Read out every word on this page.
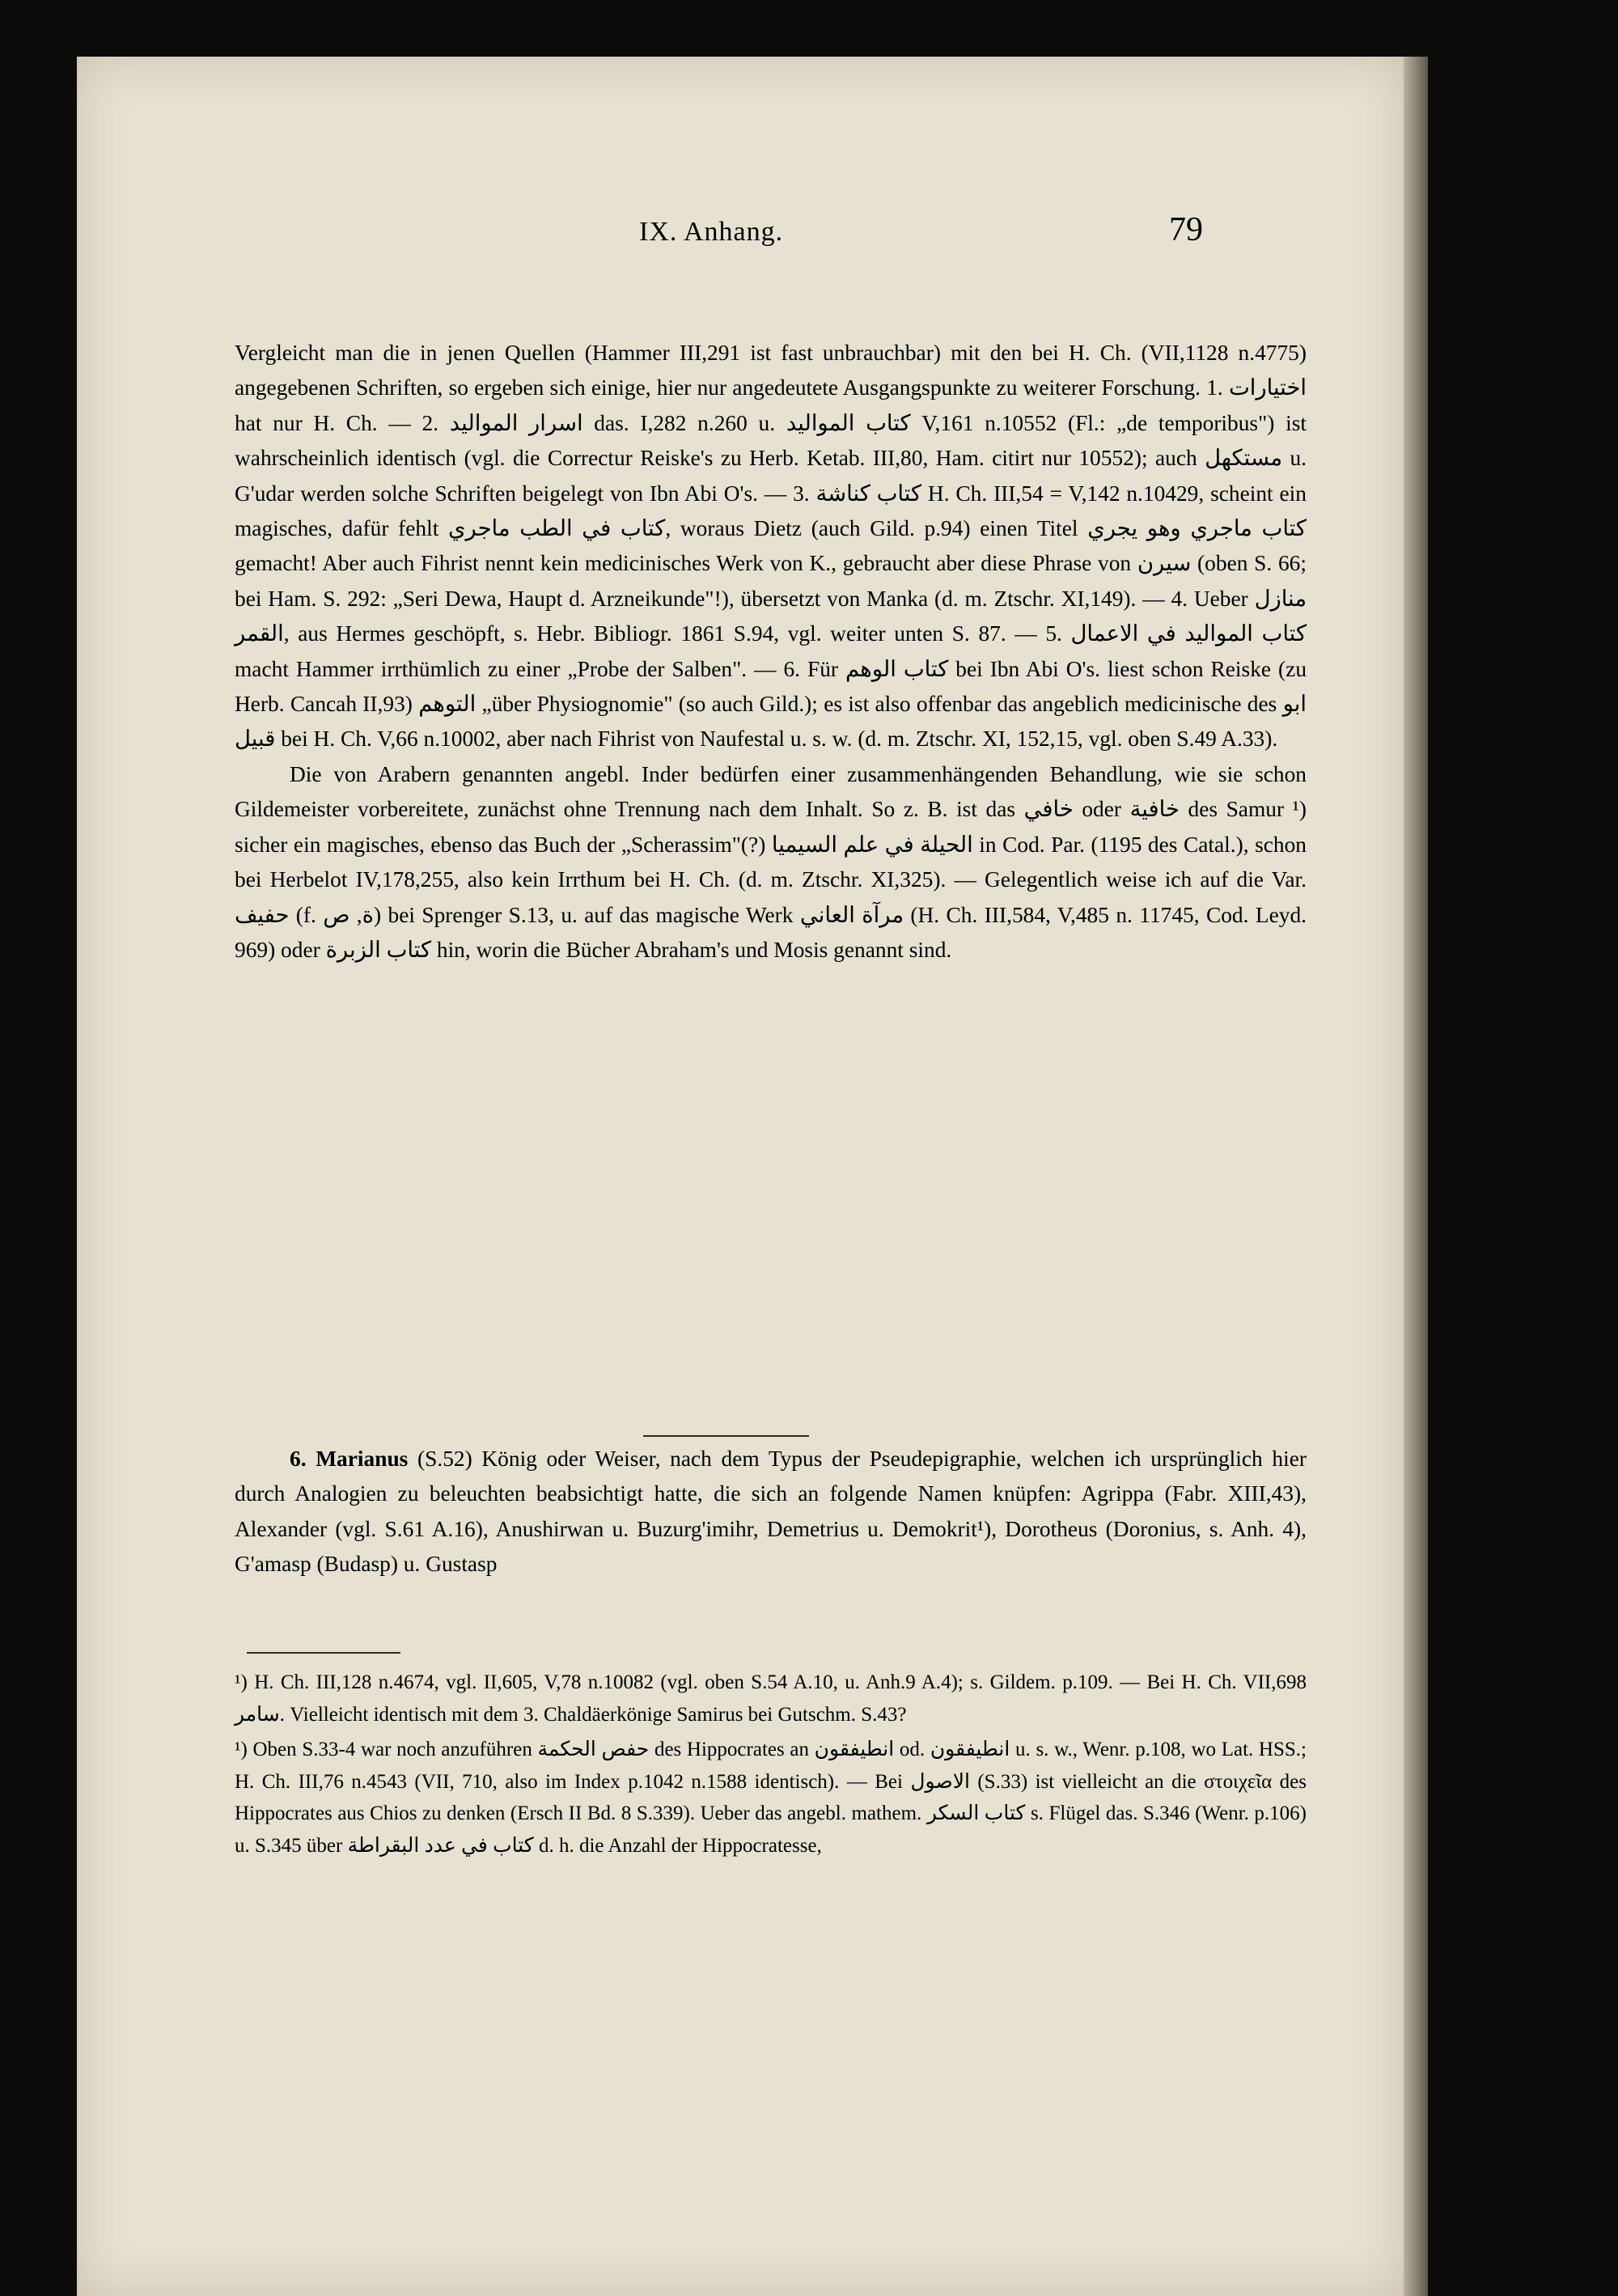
IX. Anhang.	79

Vergleicht man die in jenen Quellen (Hammer III,291 ist fast unbrauchbar) mit den bei H. Ch. (VII,1128 n.4775) angegebenen Schriften, so ergeben sich einige, hier nur angedeutete Ausgangspunkte zu weiterer Forschung. 1. اختيارات hat nur H. Ch. — 2. اسرار المواليد das. I,282 n.260 u. كتاب المواليد V,161 n.10552 (Fl.: „de temporibus") ist wahrscheinlich identisch (vgl. die Correctur Reiske's zu Herb. Ketab. III,80, Ham. citirt nur 10552); auch مستكهل u. G'udar werden solche Schriften beigelegt von Ibn Abi O's. — 3. كتاب كناشة H. Ch. III,54 = V,142 n.10429, scheint ein magisches, dafür fehlt كتاب في الطب ماجري, woraus Dietz (auch Gild. p.94) einen Titel كتاب ماجري وهو يجري gemacht! Aber auch Fihrist nennt kein medicinisches Werk von K., gebraucht aber diese Phrase von سيرن (oben S. 66; bei Ham. S. 292: „Seri Dewa, Haupt d. Arzneikunde"!), übersetzt von Manka (d. m. Ztschr. XI,149). — 4. Ueber منازل القمر, aus Hermes geschöpft, s. Hebr. Bibliogr. 1861 S.94, vgl. weiter unten S. 87. — 5. كتاب المواليد في الاعمال macht Hammer irrthümlich zu einer „Probe der Salben". — 6. Für كتاب الوهم bei Ibn Abi O's. liest schon Reiske (zu Herb. Cancah II,93) التوهم „über Physiognomie" (so auch Gild.); es ist also offenbar das angeblich medicinische des ابو قبيل bei H. Ch. V,66 n.10002, aber nach Fihrist von Naufestal u. s. w. (d. m. Ztschr. XI, 152,15, vgl. oben S.49 A.33).

Die von Arabern genannten angebl. Inder bedürfen einer zusammenhängenden Behandlung, wie sie schon Gildemeister vorbereitete, zunächst ohne Trennung nach dem Inhalt. So z. B. ist das خافي oder خافية des Samur ¹) sicher ein magisches, ebenso das Buch der „Scherassim"(?) الحيلة في علم السيميا in Cod. Par. (1195 des Catal.), schon bei Herbelot IV,178,255, also kein Irrthum bei H. Ch. (d. m. Ztschr. XI,325). — Gelegentlich weise ich auf die Var. حفيف (f. ة, ص) bei Sprenger S.13, u. auf das magische Werk مرآة العاني (H. Ch. III,584, V,485 n. 11745, Cod. Leyd. 969) oder كتاب الزبرة hin, worin die Bücher Abraham's und Mosis genannt sind.

6. Marianus (S.52) König oder Weiser, nach dem Typus der Pseudepigraphie, welchen ich ursprünglich hier durch Analogien zu beleuchten beabsichtigt hatte, die sich an folgende Namen knüpfen: Agrippa (Fabr. XIII,43), Alexander (vgl. S.61 A.16), Anushirwan u. Buzurg'imihr, Demetrius u. Demokrit¹), Dorotheus (Doronius, s. Anh. 4), G'amasp (Budasp) u. Gustasp

¹) H. Ch. III,128 n.4674, vgl. II,605, V,78 n.10082 (vgl. oben S.54 A.10, u. Anh.9 A.4); s. Gildem. p.109. — Bei H. Ch. VII,698 سامر. Vielleicht identisch mit dem 3. Chaldäerkönige Samirus bei Gutschm. S.43?

¹) Oben S.33-4 war noch anzuführen حفص الحكمة des Hippocrates an انطيفقون od. انطيفقون u. s. w., Wenr. p.108, wo Lat. HSS.; H. Ch. III,76 n.4543 (VII, 710, also im Index p.1042 n.1588 identisch). — Bei الاصول (S.33) ist vielleicht an die στοιχεῖα des Hippocrates aus Chios zu denken (Ersch II Bd. 8 S.339). Ueber das angebl. mathem. كتاب السكر s. Flügel das. S.346 (Wenr. p.106) u. S.345 über كتاب في عدد البقراطة d. h. die Anzahl der Hippocratesse,
